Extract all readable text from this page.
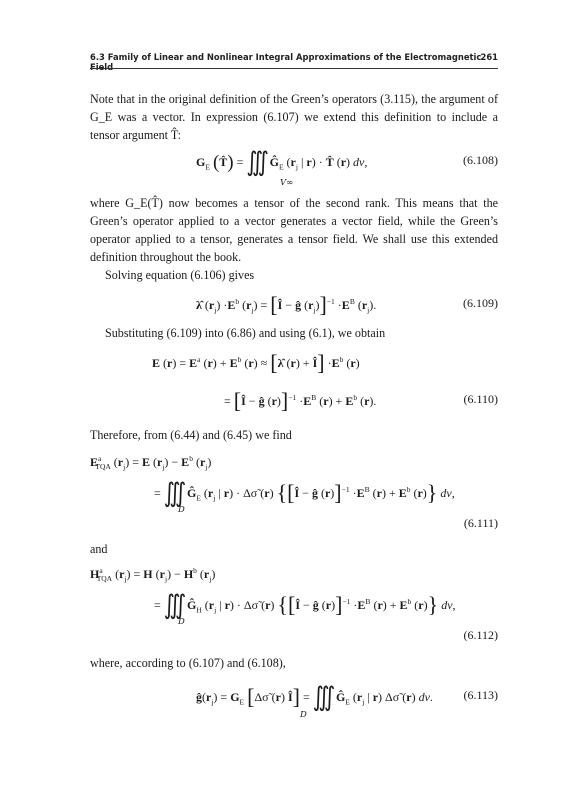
6.3 Family of Linear and Nonlinear Integral Approximations of the Electromagnetic Field
261
Note that in the original definition of the Green’s operators (3.115), the argument of G_E was a vector. In expression (6.107) we extend this definition to include a tensor argument T̂:
$G_E$ (T̂) = ∭ $Ĝ_E$ ($r_j$ | r) · T̂ (r) dv,
V∞
(6.108)
where G_E(T̂) now becomes a tensor of the second rank. This means that the Green’s operator applied to a vector generates a vector field, while the Green’s operator applied to a tensor, generates a tensor field. We shall use this extended definition throughout the book.
Solving equation (6.106) gives
λ̂ $(r_j) \cdot E^b$ $(r_j)$ = [Î − ĝ $(r_j)]^{-1} \cdot E^B$ $(r_j)$.	(6.109)
Substituting (6.109) into (6.86) and using (6.1), we obtain
E $(r) = E^a$ $(r) + E^b$ (r) ≈ [λ̂ (r) + Î] $\cdot E^b$ (r)
= [Î − ĝ $(r)]^{-1} \cdot E^B$ $(r) + E^b$ (r).	(6.110)
Therefore, from (6.44) and (6.45) we find
$E^a_{TQA}$ $(r_j) = E$ $(r_j) - E^b$ $(r_j)$
= ∭ $Ĝ_E$ ($r_j$ | r) · Δσ̃ (r) {[Î − ĝ $(r)]^{-1} \cdot E^B$ $(r) + E^b$ (r)} dv,
D
(6.111)
and
$H^a_{TQA}$ $(r_j) = H$ $(r_j) - H^b$ $(r_j)$
= ∭ $Ĝ_H$ ($r_j$ | r) · Δσ̃ (r) {[Î − ĝ $(r)]^{-1} \cdot E^B$ $(r) + E^b$ (r)} dv,
D
(6.112)
where, according to (6.107) and (6.108),
$ĝ(r_j) = G_E$ [Δσ̃ (r) Î] = ∭ $Ĝ_E$ ($r_j$ | r) Δσ̃ (r) dv.
D
(6.113)
